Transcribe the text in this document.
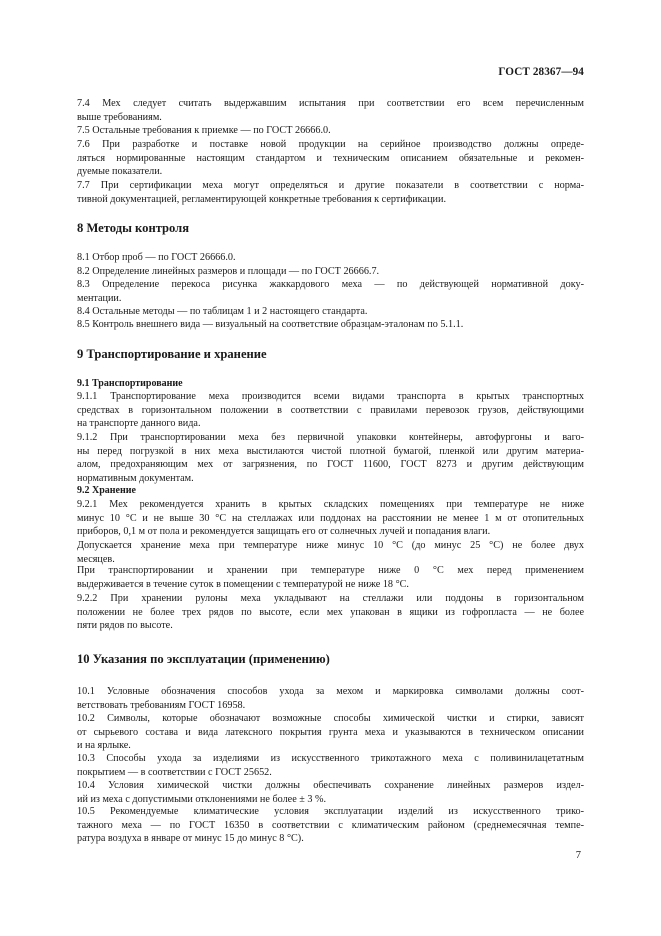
ГОСТ 28367—94
7.4 Мех следует считать выдержавшим испытания при соответствии его всем перечисленным
выше требованиям.
7.5 Остальные требования к приемке — по ГОСТ 26666.0.
7.6 При разработке и поставке новой продукции на серийное производство должны опреде-
ляться нормированные настоящим стандартом и техническим описанием обязательные и рекомен-
дуемые показатели.
7.7 При сертификации меха могут определяться и другие показатели в соответствии с норма-
тивной документацией, регламентирующей конкретные требования к сертификации.
8 Методы контроля
8.1 Отбор проб — по ГОСТ 26666.0.
8.2 Определение линейных размеров и площади — по ГОСТ 26666.7.
8.3 Определение перекоса рисунка жаккардового меха — по действующей нормативной доку-
ментации.
8.4 Остальные методы — по таблицам 1 и 2 настоящего стандарта.
8.5 Контроль внешнего вида — визуальный на соответствие образцам-эталонам по 5.1.1.
9 Транспортирование и хранение
9.1 Транспортирование
9.1.1 Транспортирование меха производится всеми видами транспорта в крытых транспортных
средствах в горизонтальном положении в соответствии с правилами перевозок грузов, действующими
на транспорте данного вида.
9.1.2 При транспортировании меха без первичной упаковки контейнеры, автофургоны и ваго-
ны перед погрузкой в них меха выстилаются чистой плотной бумагой, пленкой или другим материа-
алом, предохраняющим мех от загрязнения, по ГОСТ 11600, ГОСТ 8273 и другим действующим
нормативным документам.
9.2 Хранение
9.2.1 Мех рекомендуется хранить в крытых складских помещениях при температуре не ниже
минус 10 °С и не выше 30 °С на стеллажах или поддонах на расстоянии не менее 1 м от отопительных
приборов, 0,1 м от пола и рекомендуется защищать его от солнечных лучей и попадания влаги.
Допускается хранение меха при температуре ниже минус 10 °С (до минус 25 °С) не более двух
месяцев.
При транспортировании и хранении при температуре ниже 0 °С мех перед применением
выдерживается в течение суток в помещении с температурой не ниже 18 °С.
9.2.2 При хранении рулоны меха укладывают на стеллажи или поддоны в горизонтальном
положении не более трех рядов по высоте, если мех упакован в ящики из гофропласта — не более
пяти рядов по высоте.
10 Указания по эксплуатации (применению)
10.1 Условные обозначения способов ухода за мехом и маркировка символами должны соот-
ветствовать требованиям ГОСТ 16958.
10.2 Символы, которые обозначают возможные способы химической чистки и стирки, зависят
от сырьевого состава и вида латексного покрытия грунта меха и указываются в техническом описании
и на ярлыке.
10.3 Способы ухода за изделиями из искусственного трикотажного меха с поливинилацетатным
покрытием — в соответствии с ГОСТ 25652.
10.4 Условия химической чистки должны обеспечивать сохранение линейных размеров издел-
ий из меха с допустимыми отклонениями не более ± 3 %.
10.5 Рекомендуемые климатические условия эксплуатации изделий из искусственного трико-
тажного меха — по ГОСТ 16350 в соответствии с климатическим районом (среднемесячная темпе-
ратура воздуха в январе от минус 15 до минус 8 °С).
7
